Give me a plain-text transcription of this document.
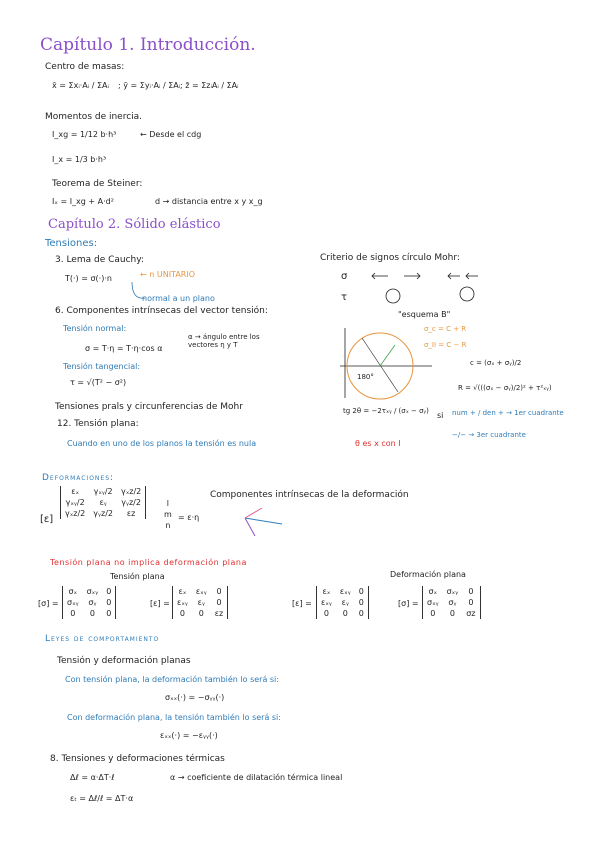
Capítulo 1. Introducción.
Centro de masas:
x̄ = Σxᵢ·Aᵢ / ΣAᵢ ; ȳ = Σyᵢ·Aᵢ / ΣAᵢ ; z̄ = ΣzᵢAᵢ / ΣAᵢ
Momentos de inercia.
I_xg = 1/12 b·h³	← Desde el cdg
I_x = 1/3 b·h³
Teorema de Steiner:
Iₓ = I_xg + A·d²	d → distancia entre x y x_g
Capítulo 2. Sólido elástico
Tensiones:
3. Lema de Cauchy:
T(·) = σ(·)·n	← n UNITARIO
normal a un plano
6. Componentes intrínsecas del vector tensión:
Tensión normal:
σ = T·η = T·η·cos α
α → ángulo entre los vectores η y T
Tensión tangencial:
τ = √(T² − σ²)
Tensiones prals y circunferencias de Mohr
12. Tensión plana:
Cuando en uno de los planos la tensión es nula
Criterio de signos círculo Mohr:
σ
τ
"esquema B"
σ_c = C + R
σ_II = C − R
c = (σₓ + σᵧ)/2
R = √(((σₓ − σᵧ)/2)² + τ²ₓᵧ)
tg 2θ = −2τₓᵧ / (σₓ − σᵧ) si num + / den + → 1er cuadrante
−/− → 3er cuadrante
θ es x con I
180°
Deformaciones:
[ε]
εₓ	γₓᵧ/2	γₓz/2
γₓᵧ/2	εᵧ	γᵧz/2
γₓz/2	γᵧz/2	εz
l
m
n
= ε·η
Componentes intrínsecas de la deformación
Tensión plana no implica deformación plana
Tensión plana	Deformación plana
[σ] =
σₓ	σₓᵧ	0
σₓᵧ	σᵧ	0
0	0	0
[ε] =
εₓ	εₓᵧ	0
εₓᵧ	εᵧ	0
0	0	εz
[ε] =
εₓ	εₓᵧ	0
εₓᵧ	εᵧ	0
0	0	0
[σ] =
σₓ	σₓᵧ	0
σₓᵧ	σᵧ	0
0	0	σz
Leyes de comportamiento
Tensión y deformación planas
Con tensión plana, la deformación también lo será si:
σₓₓ(·) = −σᵧᵧ(·)
Con deformación plana, la tensión también lo será si:
εₓₓ(·) = −εᵧᵧ(·)
8. Tensiones y deformaciones térmicas
Δℓ = α·ΔT·ℓ	α → coeficiente de dilatación térmica lineal
εₜ = Δℓ/ℓ = ΔT·α
